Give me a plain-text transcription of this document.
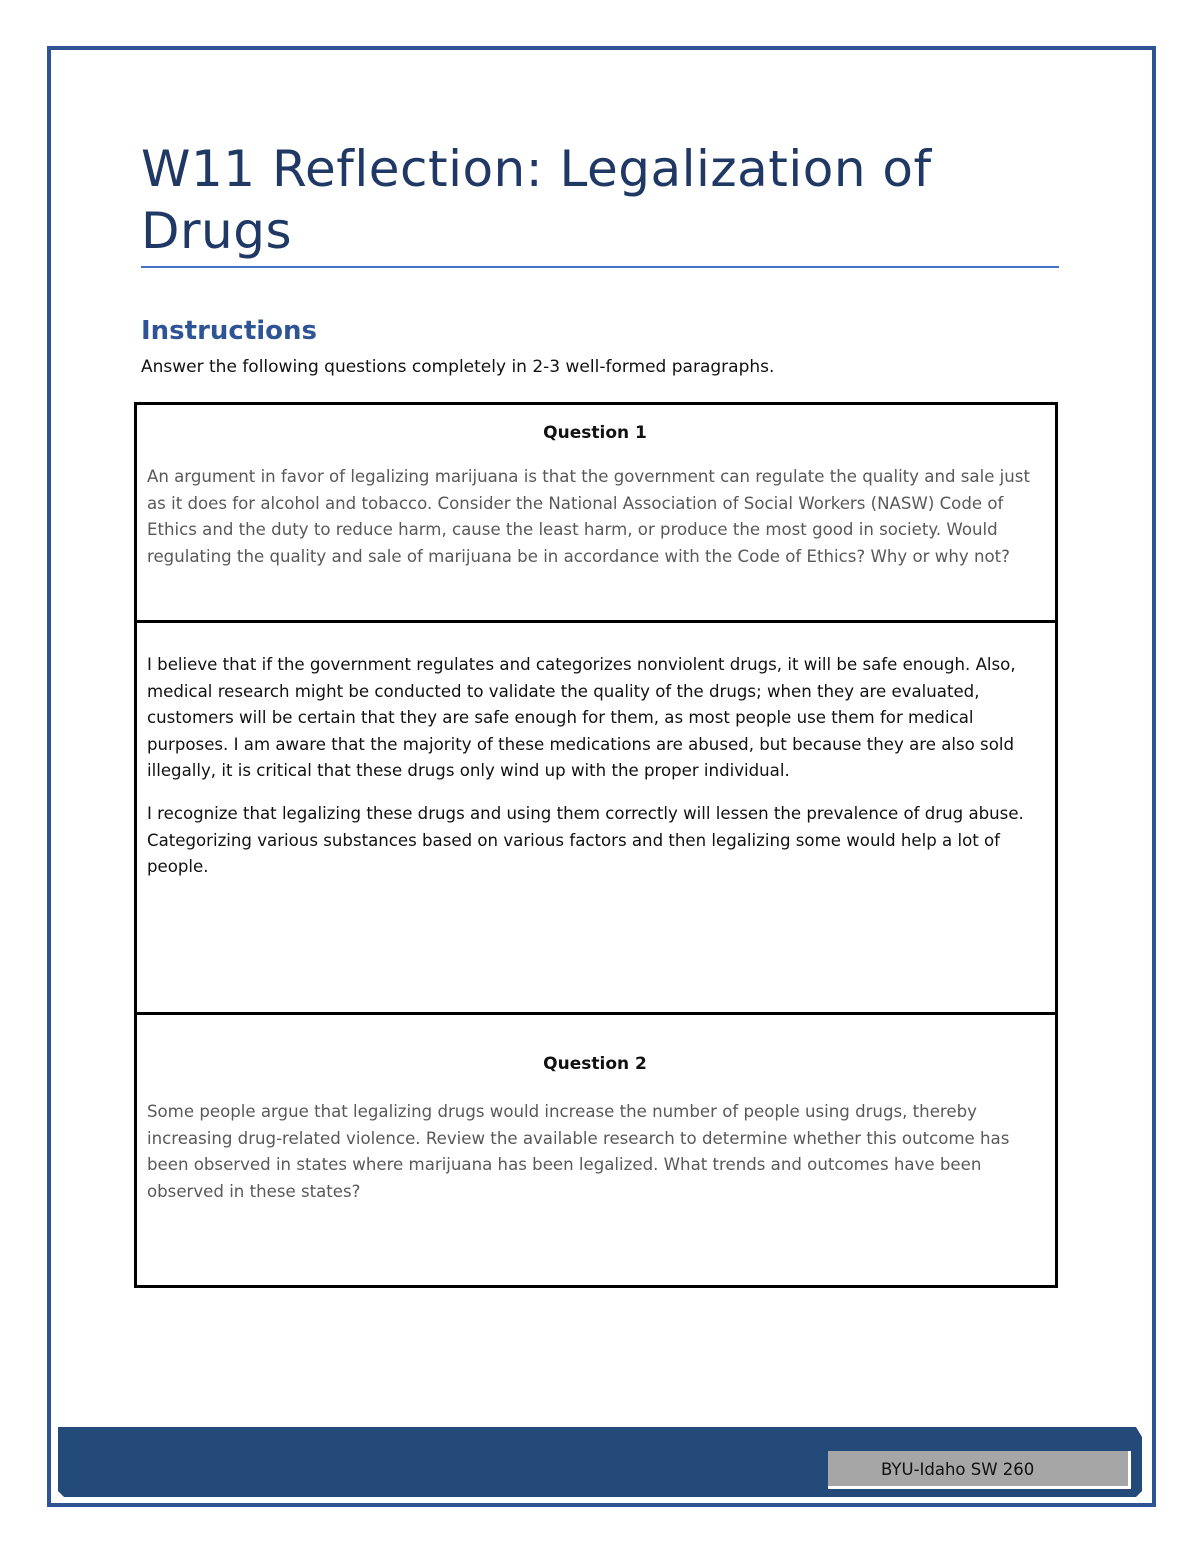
W11 Reflection: Legalization of Drugs
Instructions

Answer the following questions completely in 2-3 well-formed paragraphs.

Question 1

An argument in favor of legalizing marijuana is that the government can regulate the quality and sale just as it does for alcohol and tobacco. Consider the National Association of Social Workers (NASW) Code of Ethics and the duty to reduce harm, cause the least harm, or produce the most good in society. Would regulating the quality and sale of marijuana be in accordance with the Code of Ethics? Why or why not?

I believe that if the government regulates and categorizes nonviolent drugs, it will be safe enough. Also, medical research might be conducted to validate the quality of the drugs; when they are evaluated, customers will be certain that they are safe enough for them, as most people use them for medical purposes. I am aware that the majority of these medications are abused, but because they are also sold illegally, it is critical that these drugs only wind up with the proper individual.

I recognize that legalizing these drugs and using them correctly will lessen the prevalence of drug abuse. Categorizing various substances based on various factors and then legalizing some would help a lot of people.

Question 2

Some people argue that legalizing drugs would increase the number of people using drugs, thereby increasing drug-related violence. Review the available research to determine whether this outcome has been observed in states where marijuana has been legalized. What trends and outcomes have been observed in these states?

BYU-Idaho SW 260
